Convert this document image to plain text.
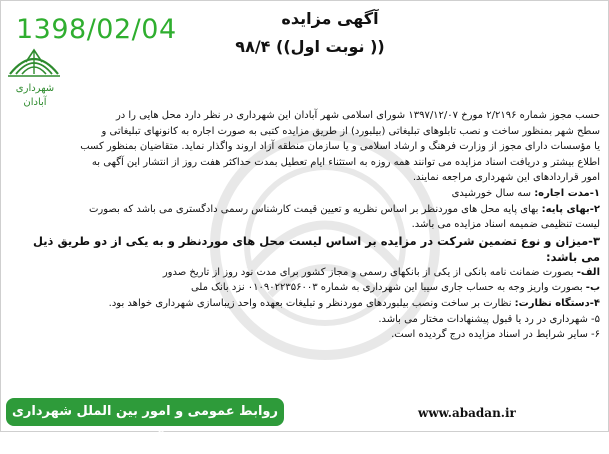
1398/02/04	آگهی مزایده
(( نوبت اول)) ۹۸/۴
شهرداری
آبادان
حسب مجوز شماره ۲/۲۱۹۶ مورخ ۱۳۹۷/۱۲/۰۷ شورای اسلامی شهر آبادان این شهرداری در نظر دارد محل هایی را در
سطح شهر بمنظور ساخت و نصب تابلوهای تبلیغاتی (بیلبورد) از طریق مزایده کتبی به صورت اجاره به کانونهای تبلیغاتی و
یا مؤسسات دارای مجوز از وزارت فرهنگ و ارشاد اسلامی و یا سازمان منطقه آزاد اروند واگذار نماید. متقاضیان بمنظور کسب
اطلاع بیشتر و دریافت اسناد مزایده می توانند همه روزه به استثناء ایام تعطیل بمدت حداکثر هفت روز از انتشار این آگهی به
امور قراردادهای این شهرداری مراجعه نمایند.
۱-مدت اجاره: سه سال خورشیدی
۲-بهای پایه: بهای پایه محل های موردنظر بر اساس نظریه و تعیین قیمت کارشناس رسمی دادگستری می باشد که بصورت
لیست تنظیمی ضمیمه اسناد مزایده می باشد.
۳-میزان و نوع تضمین شرکت در مزایده بر اساس لیست محل های موردنظر و به یکی از دو طریق ذیل
می باشد:
الف- بصورت ضمانت نامه بانکی از یکی از بانکهای رسمی و مجاز کشور برای مدت نود روز از تاریخ صدور
ب- بصورت واریز وجه به حساب جاری سیبا این شهرداری به شماره ۰۱۰۹۰۲۲۳۵۶۰۰۳ نزد بانک ملی
۴-دستگاه نظارت: نظارت بر ساخت ونصب بیلبوردهای موردنظر و تبلیغات بعهده واحد زیباسازی شهرداری خواهد بود.
۵- شهرداری در رد یا قبول پیشنهادات مختار می باشد.
۶- سایر شرایط در اسناد مزایده درج گردیده است.
روابط عمومی و امور بین الملل شهرداری آبادان
www.abadan.ir
